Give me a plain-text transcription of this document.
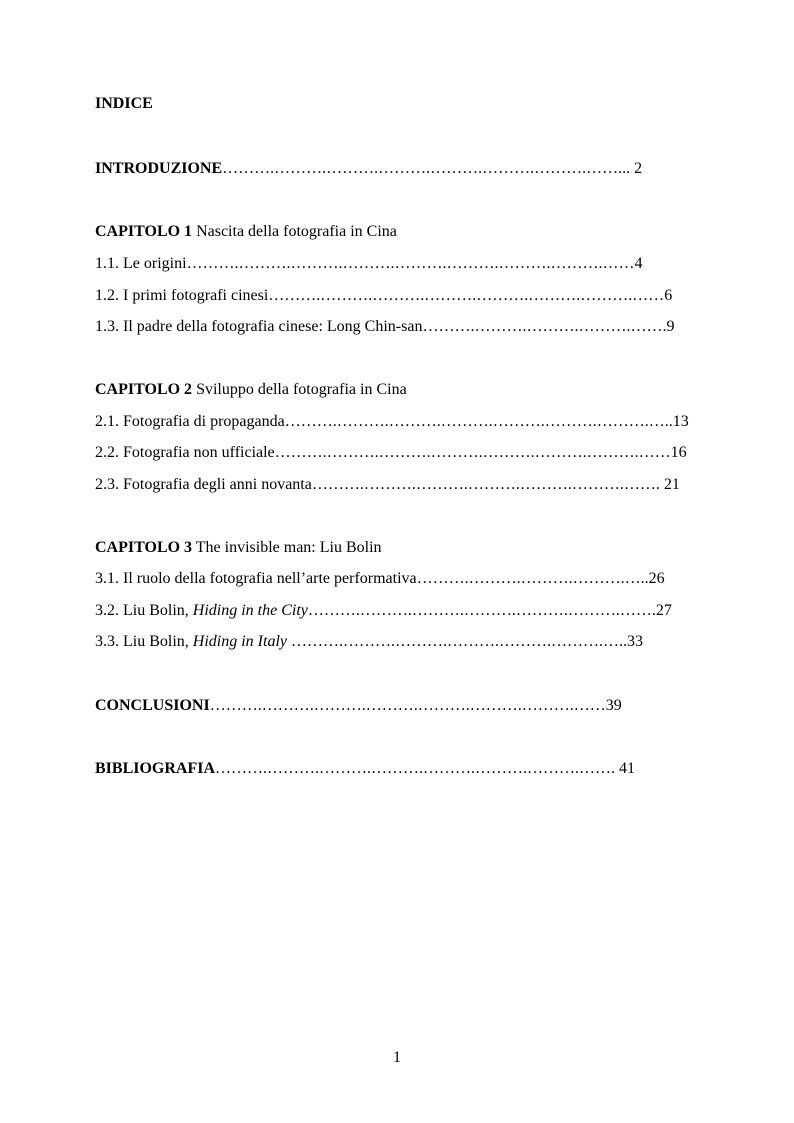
INDICE
INTRODUZIONE……….……….……….……….……….……….……….……... 2
CAPITOLO 1 Nascita della fotografia in Cina
1.1. Le origini……….……….……….……….……….……….……….……….……4
1.2. I primi fotografi cinesi……….……….……….……….……….……….……….……6
1.3. Il padre della fotografia cinese: Long Chin-san……….……….……….……….…….9
CAPITOLO 2 Sviluppo della fotografia in Cina
2.1. Fotografia di propaganda……….……….……….……….……….……….……….…..13
2.2. Fotografia non ufficiale……….……….……….……….……….……….……….……16
2.3. Fotografia degli anni novanta……….……….……….……….……….……….……. 21
CAPITOLO 3 The invisible man: Liu Bolin
3.1. Il ruolo della fotografia nell’arte performativa……….……….……….……….…..26
3.2. Liu Bolin, Hiding in the City……….……….……….……….……….……….…….27
3.3. Liu Bolin, Hiding in Italy ……….……….……….……….……….……….…..33
CONCLUSIONI……….……….……….……….……….……….……….……39
BIBLIOGRAFIA……….……….……….……….……….……….……….……. 41
1
